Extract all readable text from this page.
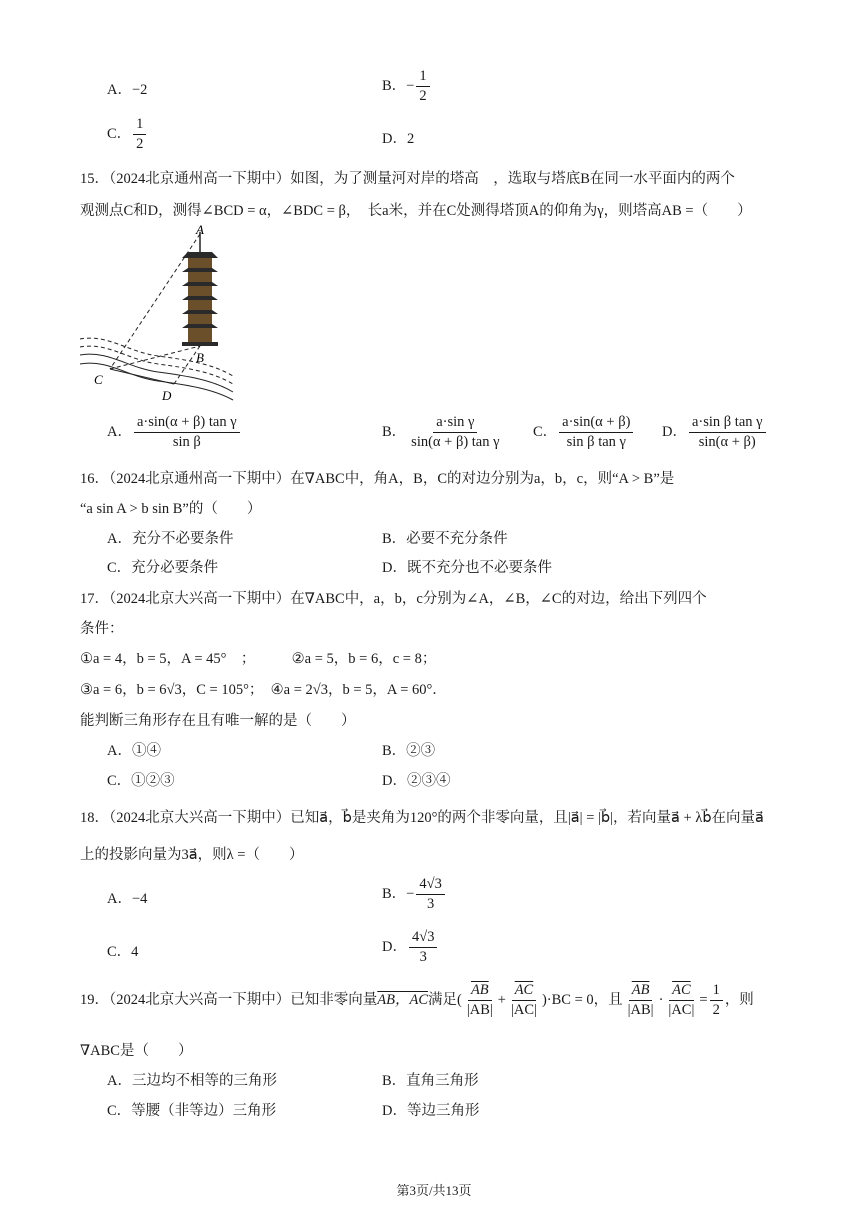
A．−2	B．− $\frac{1}{2}$
C． $\frac{1}{2}$	D．2
15．（2024北京通州高一下期中）如图，为了测量河对岸的塔高　，选取与塔底B在同一水平面内的两个
观测点C和D，测得∠BCD = α，∠BDC = β，　长a米，并在C处测得塔顶A的仰角为γ，则塔高AB =（　　）
A
B
C
D
A． $\frac{\text{a·sin(α + β) tan γ}}{\text{sin β}}$	B． $\frac{\text{a·sin γ}}{\text{sin(α + β) tan γ}}$ C． $\frac{a\cdot\sin(\alpha + \beta)}{\text{sin β tan γ}}$ D． $\frac{\text{a·sin β tan γ}}{\sin(\alpha + \beta)}$
16．（2024北京通州高一下期中）在∇ABC中，角A，B，C的对边分别为a，b，c，则“A > B”是
“a sin A > b sin B”的（　　）
A．充分不必要条件	B．必要不充分条件
C．充分必要条件	D．既不充分也不必要条件
17．（2024北京大兴高一下期中）在∇ABC中，a，b，c分别为∠A，∠B，∠C的对边，给出下列四个
条件：
①a = 4，b = 5，A = 45°　；　　　②a = 5，b = 6，c = 8；
③a = 6，b = 6√3，C = 105°；　④a = 2√3，b = 5，A = 60°．
能判断三角形存在且有唯一解的是（　　）
A．①④	B．②③
C．①②③	D．②③④
18．（2024北京大兴高一下期中）已知a⃗，b⃗是夹角为120°的两个非零向量，且|a⃗| = |b⃗|，若向量a⃗ + λb⃗在向量a⃗
上的投影向量为3a⃗，则λ =（　　）
A．−4	B．− $\frac{4√3}{3}$
C．4	D． $\frac{4√3}{3}$
19．（2024北京大兴高一下期中）已知非零向量AB，AC满足( $\frac{\overline{AB}}{|AB|} + \frac{\overline{AC}}{|AC|} )\cdot BC = 0$，且 $\frac{\overline{AB}}{|AB|} \cdot \frac{\overline{AC}}{|AC|} = \frac{1}{2}$ ，则
∇ABC是（　　）
A．三边均不相等的三角形	B．直角三角形
C．等腰（非等边）三角形	D．等边三角形
第3页/共13页
